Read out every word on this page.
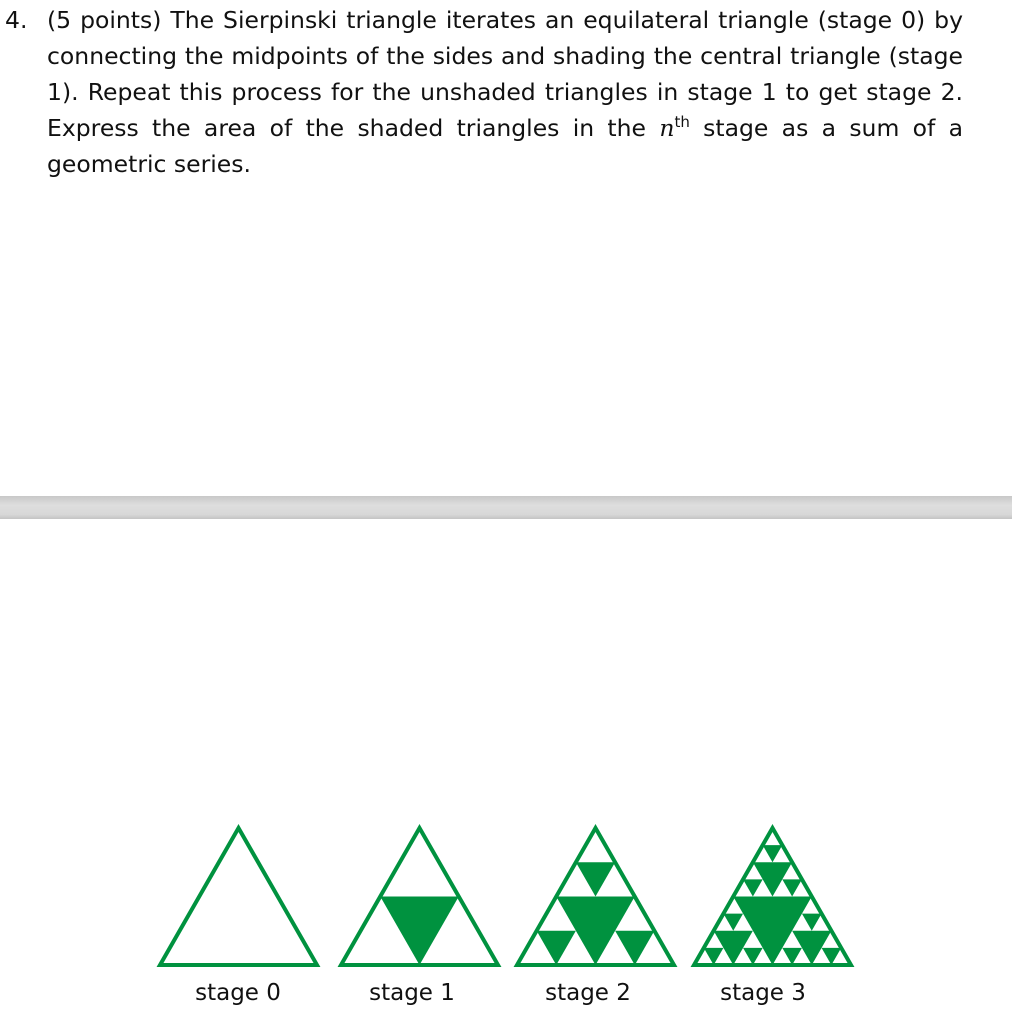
4. (5 points) The Sierpinski triangle iterates an equilateral triangle (stage 0) by connecting the midpoints of the sides and shading the central triangle (stage 1). Repeat this process for the unshaded triangles in stage 1 to get stage 2. Express the area of the shaded triangles in the $n^{th}$ stage as a sum of a geometric series.
stage 0	stage 1	stage 2	stage 3
